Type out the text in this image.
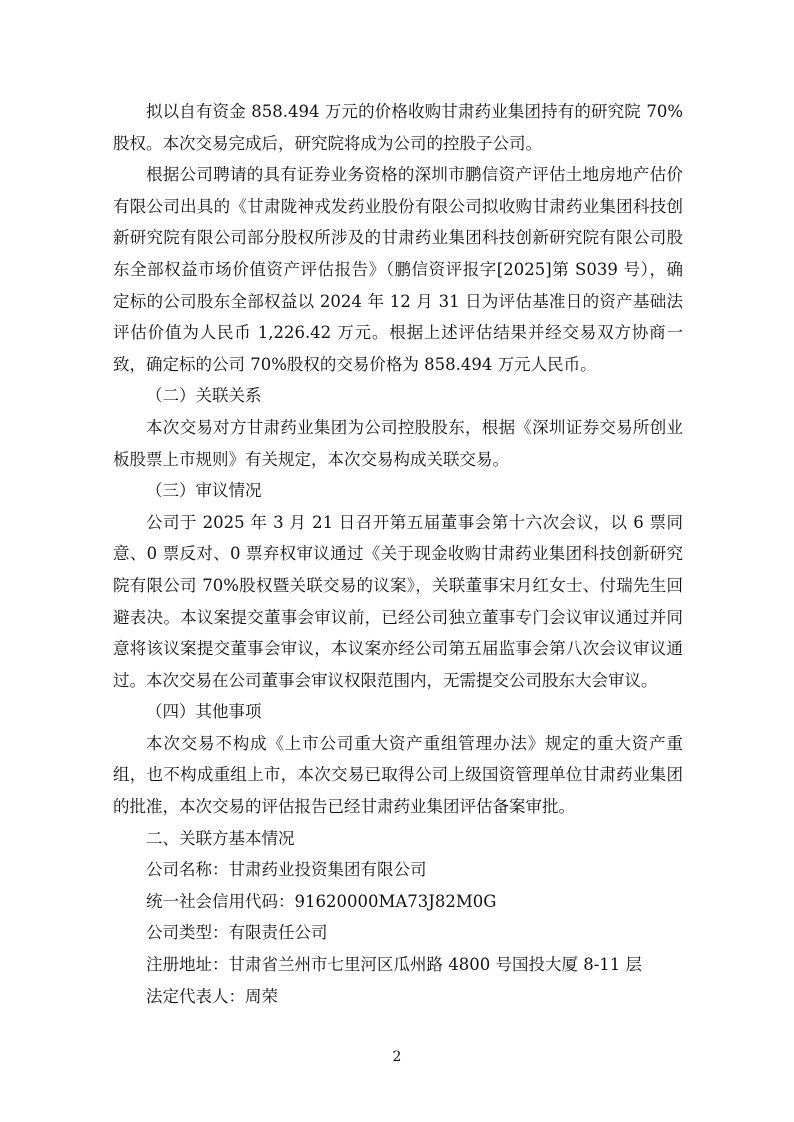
拟以自有资金 858.494 万元的价格收购甘肃药业集团持有的研究院 70%股权。本次交易完成后，研究院将成为公司的控股子公司。

根据公司聘请的具有证券业务资格的深圳市鹏信资产评估土地房地产估价有限公司出具的《甘肃陇神戎发药业股份有限公司拟收购甘肃药业集团科技创新研究院有限公司部分股权所涉及的甘肃药业集团科技创新研究院有限公司股东全部权益市场价值资产评估报告》（鹏信资评报字[2025]第 S039 号），确定标的公司股东全部权益以 2024 年 12 月 31 日为评估基准日的资产基础法评估价值为人民币 1,226.42 万元。根据上述评估结果并经交易双方协商一致，确定标的公司 70%股权的交易价格为 858.494 万元人民币。

（二）关联关系

本次交易对方甘肃药业集团为公司控股股东，根据《深圳证券交易所创业板股票上市规则》有关规定，本次交易构成关联交易。

（三）审议情况

公司于 2025 年 3 月 21 日召开第五届董事会第十六次会议，以 6 票同意、0 票反对、0 票弃权审议通过《关于现金收购甘肃药业集团科技创新研究院有限公司 70%股权暨关联交易的议案》，关联董事宋月红女士、付瑞先生回避表决。本议案提交董事会审议前，已经公司独立董事专门会议审议通过并同意将该议案提交董事会审议，本议案亦经公司第五届监事会第八次会议审议通过。本次交易在公司董事会审议权限范围内，无需提交公司股东大会审议。

（四）其他事项

本次交易不构成《上市公司重大资产重组管理办法》规定的重大资产重组，也不构成重组上市，本次交易已取得公司上级国资管理单位甘肃药业集团的批准，本次交易的评估报告已经甘肃药业集团评估备案审批。

二、关联方基本情况

公司名称：甘肃药业投资集团有限公司

统一社会信用代码：91620000MA73J82M0G

公司类型：有限责任公司

注册地址：甘肃省兰州市七里河区瓜州路 4800 号国投大厦 8-11 层

法定代表人：周荣

2
